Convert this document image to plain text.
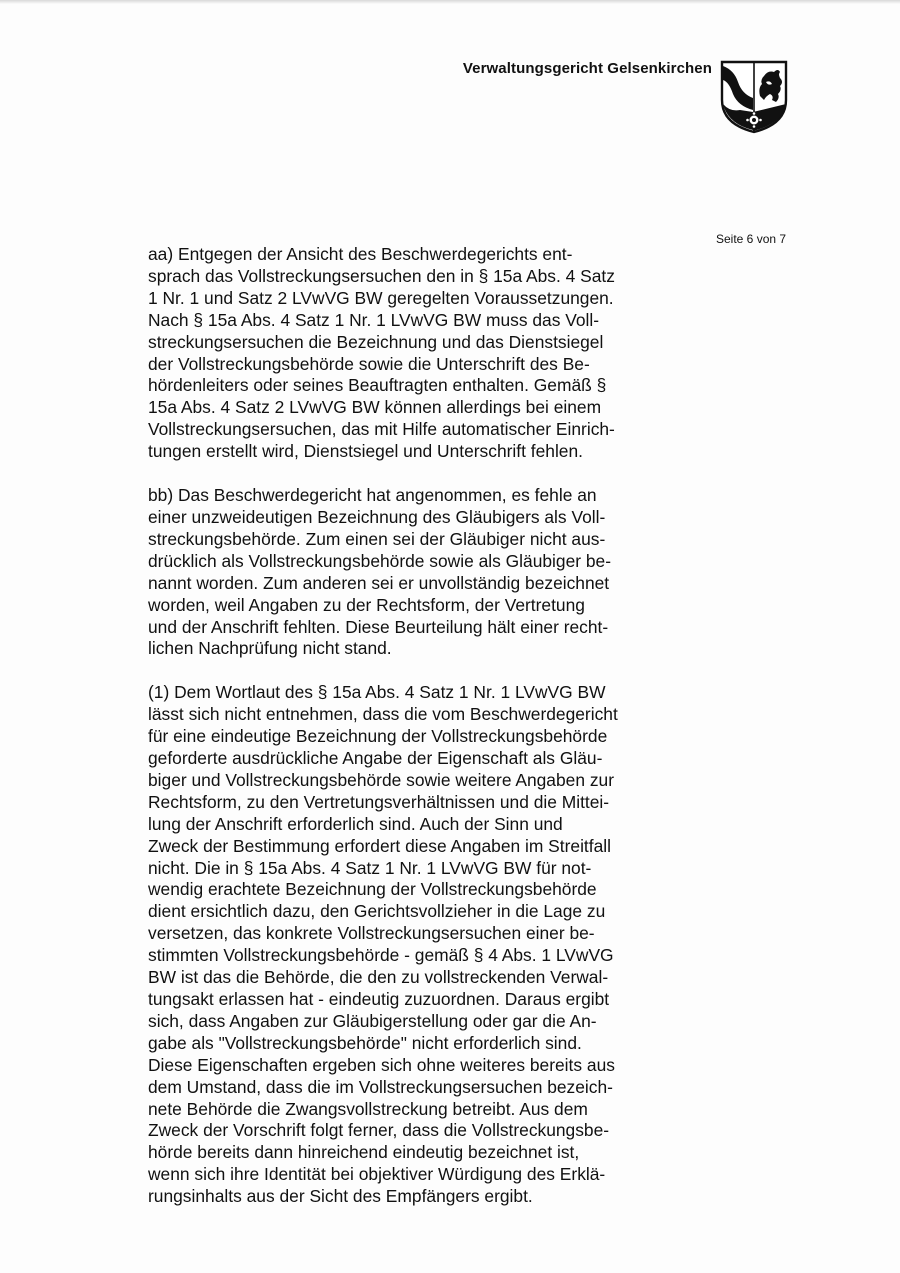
Verwaltungsgericht Gelsenkirchen
Seite 6 von 7

aa) Entgegen der Ansicht des Beschwerdegerichts ent-
sprach das Vollstreckungsersuchen den in § 15a Abs. 4 Satz
1 Nr. 1 und Satz 2 LVwVG BW geregelten Voraussetzungen.
Nach § 15a Abs. 4 Satz 1 Nr. 1 LVwVG BW muss das Voll-
streckungsersuchen die Bezeichnung und das Dienstsiegel
der Vollstreckungsbehörde sowie die Unterschrift des Be-
hördenleiters oder seines Beauftragten enthalten. Gemäß §
15a Abs. 4 Satz 2 LVwVG BW können allerdings bei einem
Vollstreckungsersuchen, das mit Hilfe automatischer Einrich-
tungen erstellt wird, Dienstsiegel und Unterschrift fehlen.

bb) Das Beschwerdegericht hat angenommen, es fehle an
einer unzweideutigen Bezeichnung des Gläubigers als Voll-
streckungsbehörde. Zum einen sei der Gläubiger nicht aus-
drücklich als Vollstreckungsbehörde sowie als Gläubiger be-
nannt worden. Zum anderen sei er unvollständig bezeichnet
worden, weil Angaben zu der Rechtsform, der Vertretung
und der Anschrift fehlten. Diese Beurteilung hält einer recht-
lichen Nachprüfung nicht stand.

(1) Dem Wortlaut des § 15a Abs. 4 Satz 1 Nr. 1 LVwVG BW
lässt sich nicht entnehmen, dass die vom Beschwerdegericht
für eine eindeutige Bezeichnung der Vollstreckungsbehörde
geforderte ausdrückliche Angabe der Eigenschaft als Gläu-
biger und Vollstreckungsbehörde sowie weitere Angaben zur
Rechtsform, zu den Vertretungsverhältnissen und die Mittei-
lung der Anschrift erforderlich sind. Auch der Sinn und
Zweck der Bestimmung erfordert diese Angaben im Streitfall
nicht. Die in § 15a Abs. 4 Satz 1 Nr. 1 LVwVG BW für not-
wendig erachtete Bezeichnung der Vollstreckungsbehörde
dient ersichtlich dazu, den Gerichtsvollzieher in die Lage zu
versetzen, das konkrete Vollstreckungsersuchen einer be-
stimmten Vollstreckungsbehörde - gemäß § 4 Abs. 1 LVwVG
BW ist das die Behörde, die den zu vollstreckenden Verwal-
tungsakt erlassen hat - eindeutig zuzuordnen. Daraus ergibt
sich, dass Angaben zur Gläubigerstellung oder gar die An-
gabe als "Vollstreckungsbehörde" nicht erforderlich sind.
Diese Eigenschaften ergeben sich ohne weiteres bereits aus
dem Umstand, dass die im Vollstreckungsersuchen bezeich-
nete Behörde die Zwangsvollstreckung betreibt. Aus dem
Zweck der Vorschrift folgt ferner, dass die Vollstreckungsbe-
hörde bereits dann hinreichend eindeutig bezeichnet ist,
wenn sich ihre Identität bei objektiver Würdigung des Erklä-
rungsinhalts aus der Sicht des Empfängers ergibt.
